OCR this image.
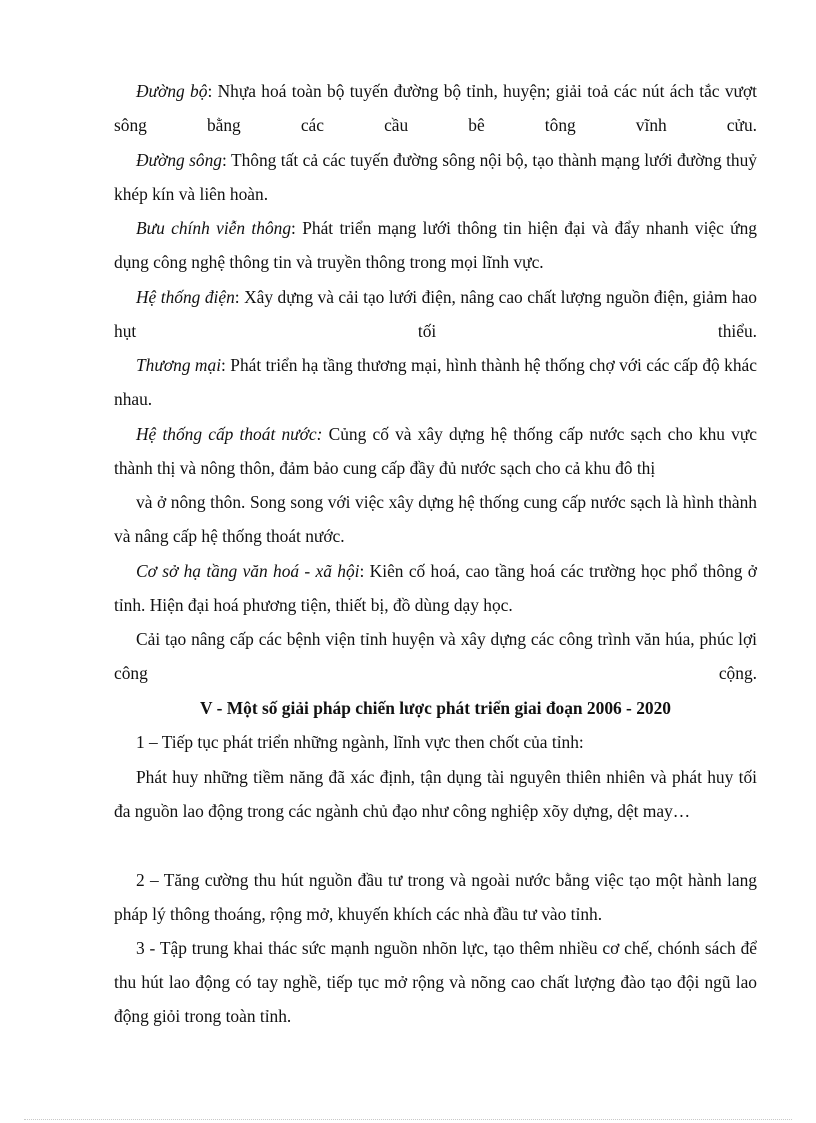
Đường bộ: Nhựa hoá toàn bộ tuyến đường bộ tỉnh, huyện; giải toả các nút ách tắc vượt sông bằng các cầu bê tông vĩnh cửu.

Đường sông: Thông tất cả các tuyến đường sông nội bộ, tạo thành mạng lưới đường thuỷ khép kín và liên hoàn.

Bưu chính viễn thông: Phát triển mạng lưới thông tin hiện đại và đẩy nhanh việc ứng dụng công nghệ thông tin và truyền thông trong mọi lĩnh vực.

Hệ thống điện: Xây dựng và cải tạo lưới điện, nâng cao chất lượng nguồn điện, giảm hao hụt tối thiểu.

Thương mại: Phát triển hạ tầng thương mại, hình thành hệ thống chợ với các cấp độ khác nhau.

Hệ thống cấp thoát nước: Củng cố và xây dựng hệ thống cấp nước sạch cho khu vực thành thị và nông thôn, đảm bảo cung cấp đầy đủ nước sạch cho cả khu đô thị

và ở nông thôn. Song song với việc xây dựng hệ thống cung cấp nước sạch là hình thành và nâng cấp hệ thống thoát nước.

Cơ sở hạ tầng văn hoá - xã hội: Kiên cố hoá, cao tầng hoá các trường học phổ thông ở tỉnh. Hiện đại hoá phương tiện, thiết bị, đồ dùng dạy học.

Cải tạo nâng cấp các bệnh viện tỉnh huyện và xây dựng các công trình văn húa, phúc lợi công cộng.

V - Một số giải pháp chiến lược phát triển giai đoạn 2006 - 2020

1 – Tiếp tục phát triển những ngành, lĩnh vực then chốt của tỉnh:

Phát huy những tiềm năng đã xác định, tận dụng tài nguyên thiên nhiên và phát huy tối đa nguồn lao động trong các ngành chủ đạo như công nghiệp xõy dựng, dệt may…

2 – Tăng cường thu hút nguồn đầu tư trong và ngoài nước bằng việc tạo một hành lang pháp lý thông thoáng, rộng mở, khuyến khích các nhà đầu tư vào tỉnh.

3 - Tập trung khai thác sức mạnh nguồn nhõn lực, tạo thêm nhiều cơ chế, chónh sách để thu hút lao động có tay nghề, tiếp tục mở rộng và nõng cao chất lượng đào tạo đội ngũ lao động giỏi trong toàn tỉnh.
